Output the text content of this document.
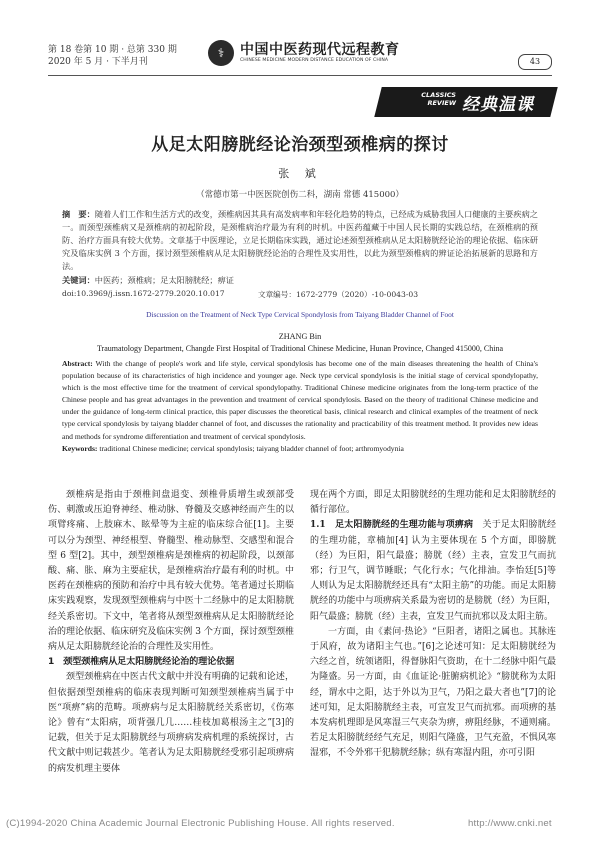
第 18 卷第 10 期 · 总第 330 期
2020 年 5 月 · 下半月刊
⚕	中国中医药现代远程教育
CHINESE MEDICINE MODERN DISTANCE EDUCATION OF CHINA	43
CLASSICS
REVIEW 经典温课
从足太阳膀胱经论治颈型颈椎病的探讨
张 斌
（常德市第一中医医院创伤二科，湖南 常德 415000）
摘　要：随着人们工作和生活方式的改变，颈椎病因其具有高发病率和年轻化趋势的特点，已经成为威胁我国人口健康的主要疾病之一。而颈型颈椎病又是颈椎病的初起阶段，是颈椎病治疗最为有利的时机。中医药蕴藏于中国人民长期的实践总结，在颈椎病的预防、治疗方面具有较大优势。文章基于中医理论，立足长期临床实践，通过论述颈型颈椎病从足太阳膀胱经论治的理论依据、临床研究及临床实例 3 个方面，探讨颈型颈椎病从足太阳膀胱经论治的合理性及实用性，以此为颈型颈椎病的辨证论治拓展新的思路和方法。
关键词：中医药；颈椎病；足太阳膀胱经；痹证
doi:10.3969/j.issn.1672-2779.2020.10.017	文章编号：1672-2779（2020）-10-0043-03
Discussion on the Treatment of Neck Type Cervical Spondylosis from Taiyang Bladder Channel of Foot
ZHANG Bin
Traumatology Department, Changde First Hospital of Traditional Chinese Medicine, Hunan Province, Changed 415000, China
Abstract: With the change of people's work and life style, cervical spondylosis has become one of the main diseases threatening the health of China's population because of its characteristics of high incidence and younger age. Neck type cervical spondylosis is the initial stage of cervical spondylopathy, which is the most effective time for the treatment of cervical spondylopathy. Traditional Chinese medicine originates from the long-term practice of the Chinese people and has great advantages in the prevention and treatment of cervical spondylosis. Based on the theory of traditional Chinese medicine and under the guidance of long-term clinical practice, this paper discusses the theoretical basis, clinical research and clinical examples of the treatment of neck type cervical spondylosis by taiyang bladder channel of foot, and discusses the rationality and practicability of this treatment method. It provides new ideas and methods for syndrome differentiation and treatment of cervical spondylosis.
Keywords: traditional Chinese medicine; cervical spondylosis; taiyang bladder channel of foot; arthromyodynia

颈椎病是指由于颈椎间盘退变、颈椎骨质增生或颈部受伤、刺激或压迫脊神经、椎动脉、脊髓及交感神经而产生的以项臂疼痛、上肢麻木、眩晕等为主症的临床综合征[1]。主要可以分为颈型、神经根型、脊髓型、椎动脉型、交感型和混合型 6 型[2]。其中，颈型颈椎病是颈椎病的初起阶段，以颈部酸、痛、胀、麻为主要症状，是颈椎病治疗最有利的时机。中医药在颈椎病的预防和治疗中具有较大优势。笔者通过长期临床实践观察，发现颈型颈椎病与中医十二经脉中的足太阳膀胱经关系密切。下文中，笔者将从颈型颈椎病从足太阳膀胱经论治的理论依据、临床研究及临床实例 3 个方面，探讨颈型颈椎病从足太阳膀胱经论治的合理性及实用性。

1　颈型颈椎病从足太阳膀胱经论治的理论依据

颈型颈椎病在中医古代文献中并没有明确的记载和论述，但依据颈型颈椎病的临床表现判断可知颈型颈椎病当属于中医“项痹”病的范畴。项痹病与足太阳膀胱经关系密切，《伤寒论》曾有“太阳病，项背强几几……桂枝加葛根汤主之”[3]的记载，但关于足太阳膀胱经与项痹病发病机理的系统探讨，古代文献中则记载甚少。笔者认为足太阳膀胱经受邪引起项痹病的病发机理主要体

现在两个方面，即足太阳膀胱经的生理功能和足太阳膀胱经的循行部位。

1.1　足太阳膀胱经的生理功能与项痹病　 关于足太阳膀胱经的生理功能，章楠加[4] 认为主要体现在 5 个方面，即膀胱（经）为巨阳，阳气最盛；膀胱（经）主表，宣发卫气而抗邪；行卫气，调节睡眠；气化行水；气化排油。李怡廷[5]等人则认为足太阳膀胱经还具有“太阳主筋”的功能。而足太阳膀胱经的功能中与项痹病关系最为密切的是膀胱（经）为巨阳，阳气最盛；膀胱（经）主表，宣发卫气而抗邪以及太阳主筋。

一方面，由《素问·热论》“巨阳者，诸阳之属也。其脉连于风府，故为诸阳主气也。”[6]之论述可知：足太阳膀胱经为六经之首，统领诸阳，得督脉阳气资助，在十二经脉中阳气最为隆盛。另一方面，由《血证论·脏腑病机论》“膀胱称为太阳经，谓水中之阳，达于外以为卫气，乃阳之最大者也”[7]的论述可知，足太阳膀胱经主表，可宣发卫气而抗邪。而项痹的基本发病机理即是风寒湿三气夹杂为痹，痹阻经脉，不通则痛。若足太阳膀胱经经气充足，则阳气隆盛，卫气充盈，不惧风寒湿邪，不令外邪干犯膀胱经脉；纵有寒湿内阻，亦可引阳

(C)1994-2020 China Academic Journal Electronic Publishing House. All rights reserved.	http://www.cnki.net
